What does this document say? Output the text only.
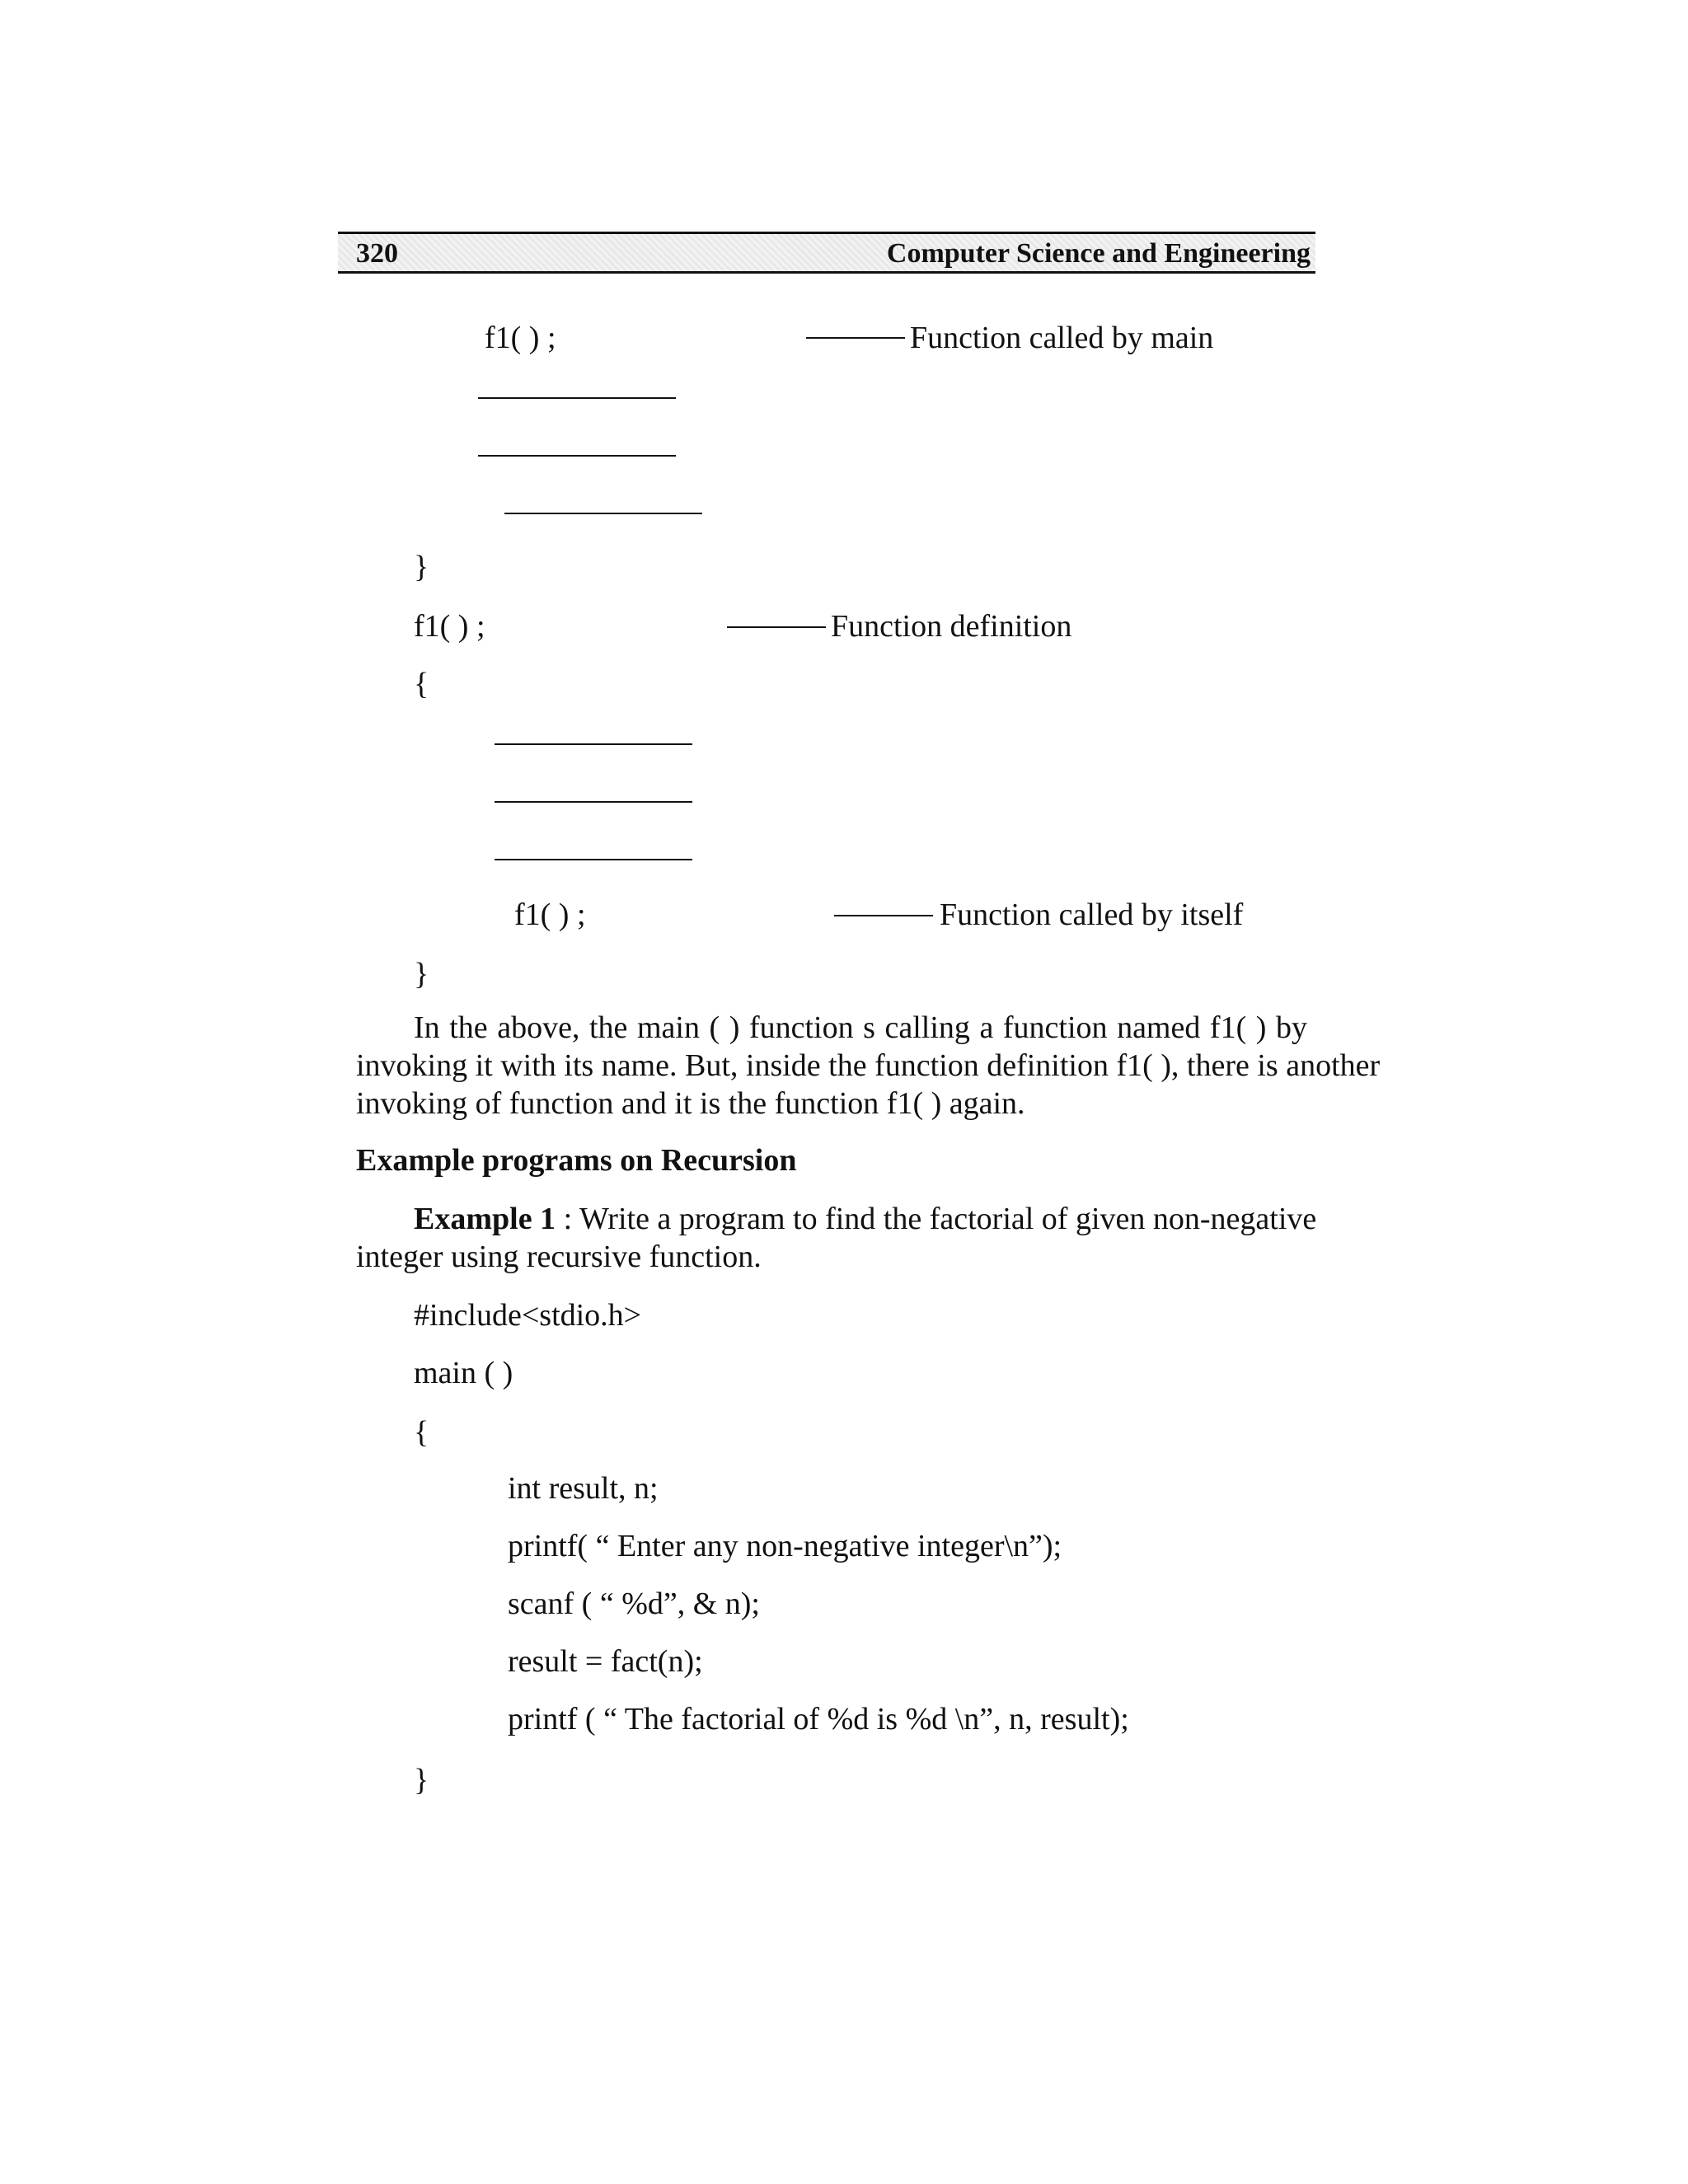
320	Computer Science and Engineering
f1( ) ;	Function called by main
}
f1( ) ;	Function definition
{
f1( ) ;	Function called by itself
}
In the above, the main ( ) function s calling a function named f1( ) by
invoking it with its name. But, inside the function definition f1( ), there is another
invoking of function and it is the function f1( ) again.
Example programs on Recursion
Example 1 : Write a program to find the factorial of given non-negative
integer using recursive function.
#include<stdio.h>
main ( )
{
int result, n;
printf( “ Enter any non-negative integer\n”);
scanf ( “ %d”, & n);
result = fact(n);
printf ( “ The factorial of %d is %d \n”, n, result);
}
